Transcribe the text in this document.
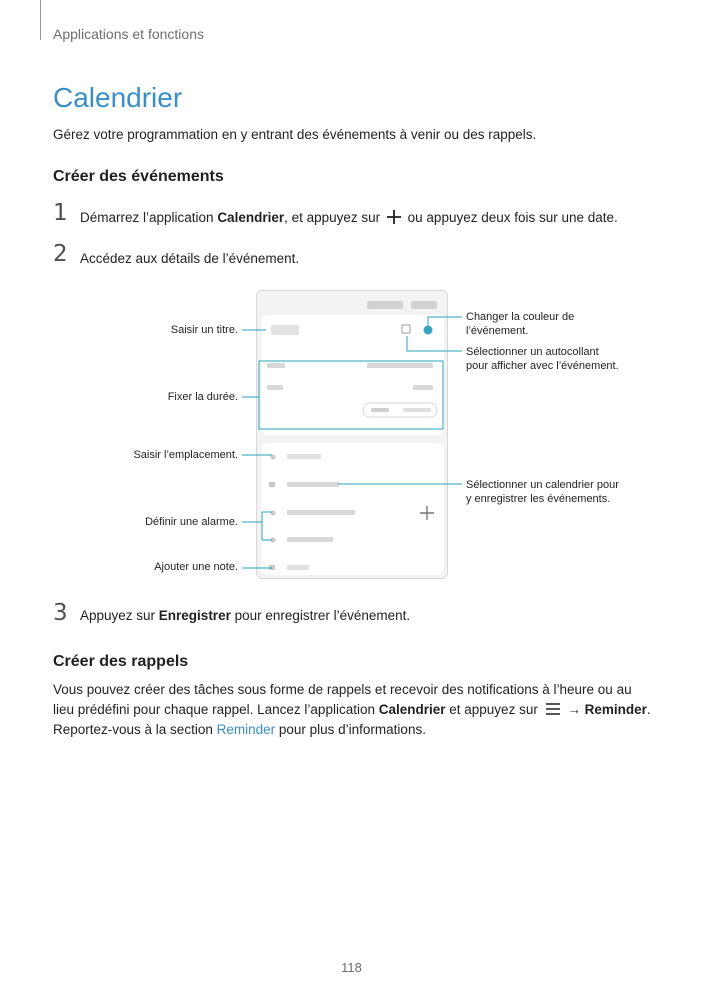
Applications et fonctions
Calendrier
Gérez votre programmation en y entrant des événements à venir ou des rappels.
Créer des événements
1 Démarrez l’application Calendrier, et appuyez sur  ou appuyez deux fois sur une date.
2 Accédez aux détails de l’événement.
Saisir un titre.
Fixer la durée.
Saisir l’emplacement.
Définir une alarme.
Ajouter une note.
Changer la couleur de
l’événement.
Sélectionner un autocollant
pour afficher avec l’événement.
Sélectionner un calendrier pour
y enregistrer les événements.
3 Appuyez sur Enregistrer pour enregistrer l’événement.
Créer des rappels
Vous pouvez créer des tâches sous forme de rappels et recevoir des notifications à l’heure ou au
lieu prédéfini pour chaque rappel. Lancez l’application Calendrier et appuyez sur  → Reminder.
Reportez-vous à la section Reminder pour plus d’informations.
118
